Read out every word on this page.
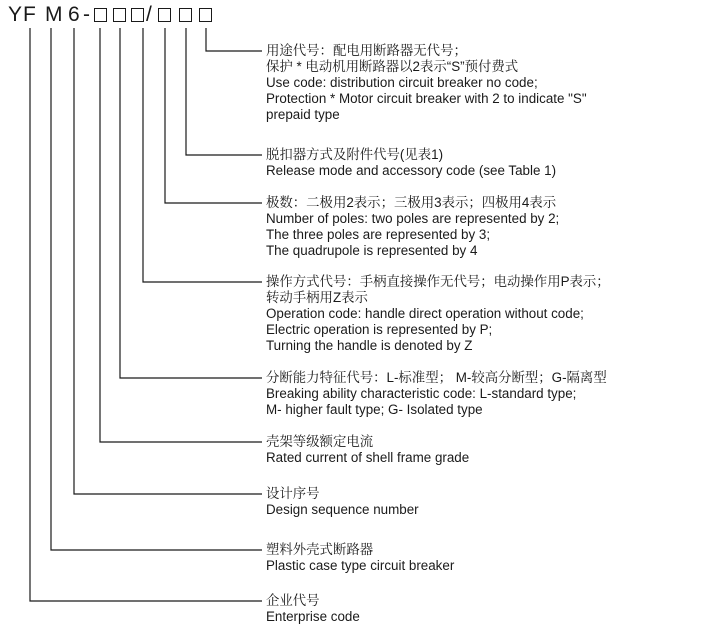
Y F M 6 -	/
用途代号：配电用断路器无代号；
保护 * 电动机用断路器以2表示“S”预付费式
Use code: distribution circuit breaker no code;
Protection * Motor circuit breaker with 2 to indicate "S"
prepaid type
脱扣器方式及附件代号(见表1)
Release mode and accessory code (see Table 1)
极数：二极用2表示；三极用3表示；四极用4表示
Number of poles: two poles are represented by 2;
The three poles are represented by 3;
The quadrupole is represented by 4
操作方式代号：手柄直接操作无代号；电动操作用P表示；
转动手柄用Z表示
Operation code: handle direct operation without code;
Electric operation is represented by P;
Turning the handle is denoted by Z
分断能力特征代号：L-标准型； M-较高分断型；G-隔离型
Breaking ability characteristic code: L-standard type;
M- higher fault type; G- Isolated type
壳架等级额定电流
Rated current of shell frame grade
设计序号
Design sequence number
塑料外壳式断路器
Plastic case type circuit breaker
企业代号
Enterprise code
